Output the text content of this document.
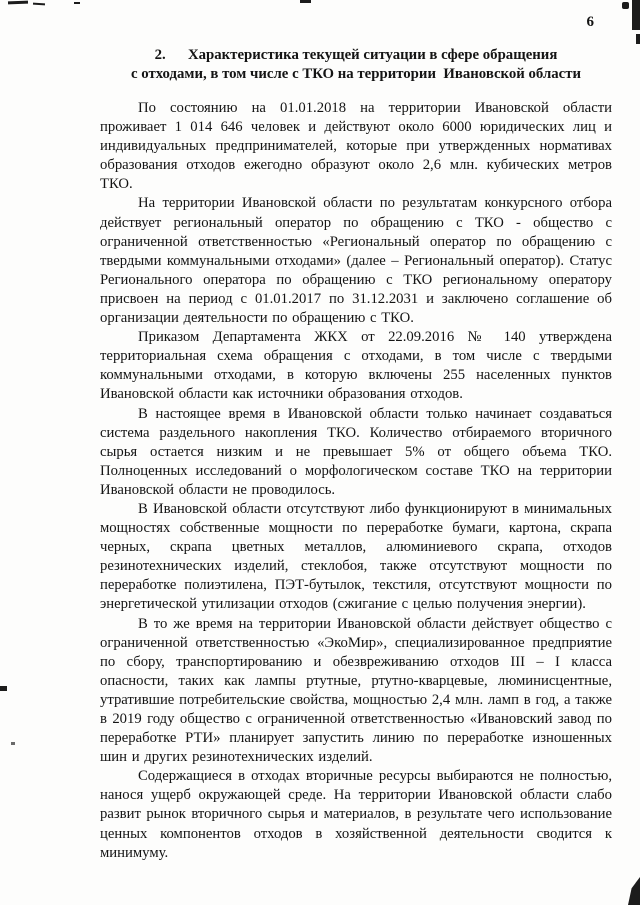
6
2.      Характеристика текущей ситуации в сфере обращения
с отходами, в том числе с ТКО на территории  Ивановской области

По состоянию на 01.01.2018 на территории Ивановской области проживает 1 014 646 человек и действуют около 6000 юридических лиц и индивидуальных предпринимателей, которые при утвержденных нормативах образования отходов ежегодно образуют около 2,6 млн. кубических метров ТКО.

На территории Ивановской области по результатам конкурсного отбора действует региональный оператор по обращению с ТКО - общество с ограниченной ответственностью «Региональный оператор по обращению с твердыми коммунальными отходами» (далее – Региональный оператор). Статус Регионального оператора по обращению с ТКО региональному оператору присвоен на период с 01.01.2017 по 31.12.2031 и заключено соглашение об организации деятельности по обращению с ТКО.

Приказом Департамента ЖКХ от 22.09.2016 № 140 утверждена территориальная схема обращения с отходами, в том числе с твердыми коммунальными отходами, в которую включены 255 населенных пунктов Ивановской области как источники образования отходов.

В настоящее время в Ивановской области только начинает создаваться система раздельного накопления ТКО. Количество отбираемого вторичного сырья остается низким и не превышает 5% от общего объема ТКО. Полноценных исследований о морфологическом составе ТКО на территории Ивановской области не проводилось.

В Ивановской области отсутствуют либо функционируют в минимальных мощностях собственные мощности по переработке бумаги, картона, скрапа черных, скрапа цветных металлов, алюминиевого скрапа, отходов резинотехнических изделий, стеклобоя, также отсутствуют мощности по переработке полиэтилена, ПЭТ-бутылок, текстиля, отсутствуют мощности по энергетической утилизации отходов (сжигание с целью получения энергии).

В то же время на территории Ивановской области действует общество с ограниченной ответственностью «ЭкоМир», специализированное предприятие по сбору, транспортированию и обезвреживанию отходов III – I класса опасности, таких как лампы ртутные, ртутно-кварцевые, люминисцентные, утратившие потребительские свойства, мощностью 2,4 млн. ламп в год, а также в 2019 году общество с ограниченной ответственностью «Ивановский завод по переработке РТИ» планирует запустить линию по переработке изношенных шин и других резинотехнических изделий.

Содержащиеся в отходах вторичные ресурсы выбираются не полностью, нанося ущерб окружающей среде. На территории Ивановской области слабо развит рынок вторичного сырья и материалов, в результате чего использование ценных компонентов отходов в хозяйственной деятельности сводится к минимуму.
